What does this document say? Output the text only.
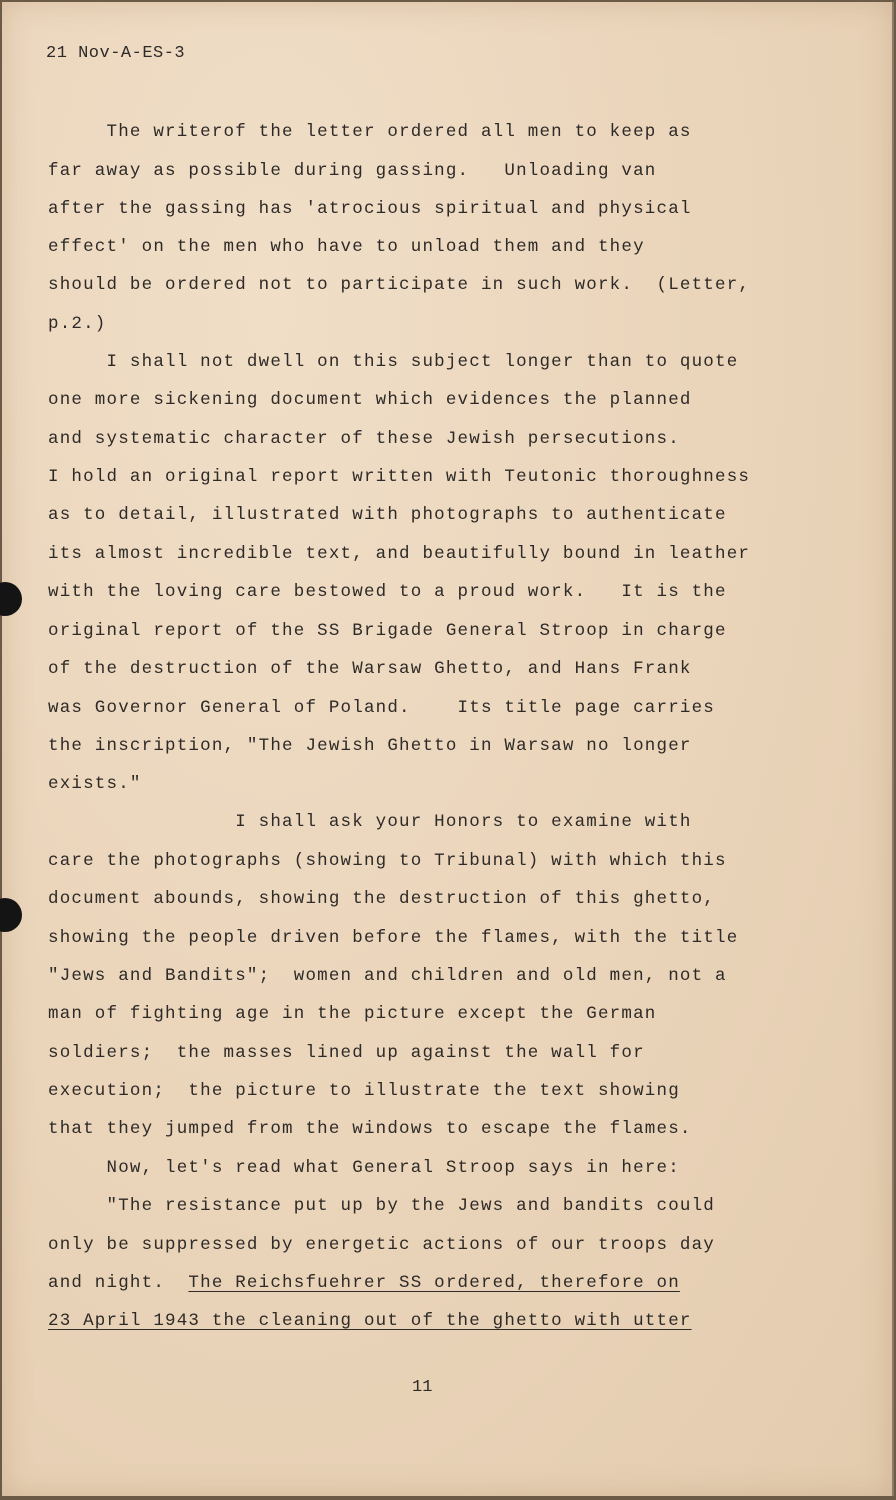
21 Nov-A-ES-3
The writerof the letter ordered all men to keep as
far away as possible during gassing.   Unloading van
after the gassing has 'atrocious spiritual and physical
effect' on the men who have to unload them and they
should be ordered not to participate in such work.  (Letter,
p.2.)
I shall not dwell on this subject longer than to quote
one more sickening document which evidences the planned
and systematic character of these Jewish persecutions.
I hold an original report written with Teutonic thoroughness
as to detail, illustrated with photographs to authenticate
its almost incredible text, and beautifully bound in leather
with the loving care bestowed to a proud work.   It is the
original report of the SS Brigade General Stroop in charge
of the destruction of the Warsaw Ghetto, and Hans Frank
was Governor General of Poland.    Its title page carries
the inscription, "The Jewish Ghetto in Warsaw no longer
exists."
I shall ask your Honors to examine with
care the photographs (showing to Tribunal) with which this
document abounds, showing the destruction of this ghetto,
showing the people driven before the flames, with the title
"Jews and Bandits";  women and children and old men, not a
man of fighting age in the picture except the German
soldiers;  the masses lined up against the wall for
execution;  the picture to illustrate the text showing
that they jumped from the windows to escape the flames.
Now, let's read what General Stroop says in here:
"The resistance put up by the Jews and bandits could
only be suppressed by energetic actions of our troops day
and night.  The Reichsfuehrer SS ordered, therefore on
23 April 1943 the cleaning out of the ghetto with utter
11
